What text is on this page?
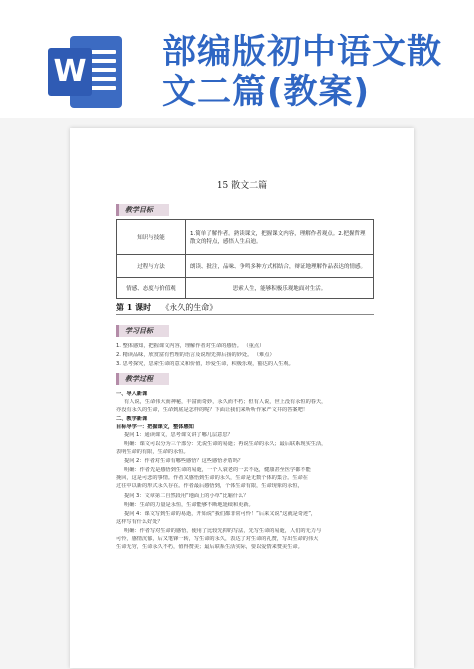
W 部编版初中语文散
文二篇(教案)
15 散文二篇
教学目标
知识与技能	1.简单了解作者。熟读课文，把握课文内容，理解作者观点。2.把握哲理散文的特点，感悟人生启迪。
过程与方法	朗读、批注，品味、争鸣多种方式相结合，辩证地理解作品表达的情感。
情感、态度与价值观	思索人生，能够积极乐观地面对生活。
第 1 课时 《永久的生命》
学习目标
1. 整体感知，把握课文内容，理解作者对生命的感悟。 （重点）
2. 精读品味，欣赏富有哲理的语言及说理先抑后扬的妙处。 （难点）
3. 思考探究，思索生命的意义和价值，珍爱生命，积极乐观，豁达的人生观。
教学过程
一、导入新课
有人说，生命伟大而神秘，丰富而奇妙，永久而不朽；但有人说，世上没有永恒的春天，
亦没有永久的生命，生命到底是怎样的呢？下面让我们来听听作家严文井的答案吧！
二、教学新课
目标导学一：把握课文，整体感知
提问 1：通读课文，思考课文讲了哪几层意思？
明确：课文可以分为三个部分：先说生命的易逝；再说生命的永久；最后联系现实生活，
表明生命的有限，生命的永恒。
提问 2：作者对生命有哪些感悟？这些感悟矛盾吗？
明确：作者先是感悟到生命的易逝，一个人衰老的一去不返，健康甚至医学都不能
挽回，这是可悲的事情。作者又感悟到生命的永久，生命是无数个体的集合。生命在
过往中以新的形式永久存在。作者最后感悟到，个体生命有限，生命现象的永恒，
提问 3：文章第二自然段用“地面上的小草”比喻什么？
明确：生命的力量是永恒，生命能够不断地延续和更新。
提问 4：课文写到生命的易逝，开始说“我们都非常可怜！”后来又说“这就是奇迹”，
这样写有什么好处？
明确：作者写对生命的感悟，使用了比较先抑的写法，先写生命的易逝，人们的无力与
可怜，感情沉郁，后又笔锋一转，写生命的永久，表达了对生命的礼赞，写出生命的伟大
生命无穷，生命永久不朽，值得赞美；最后联系生活实际，要以爱情来赞美生命。
